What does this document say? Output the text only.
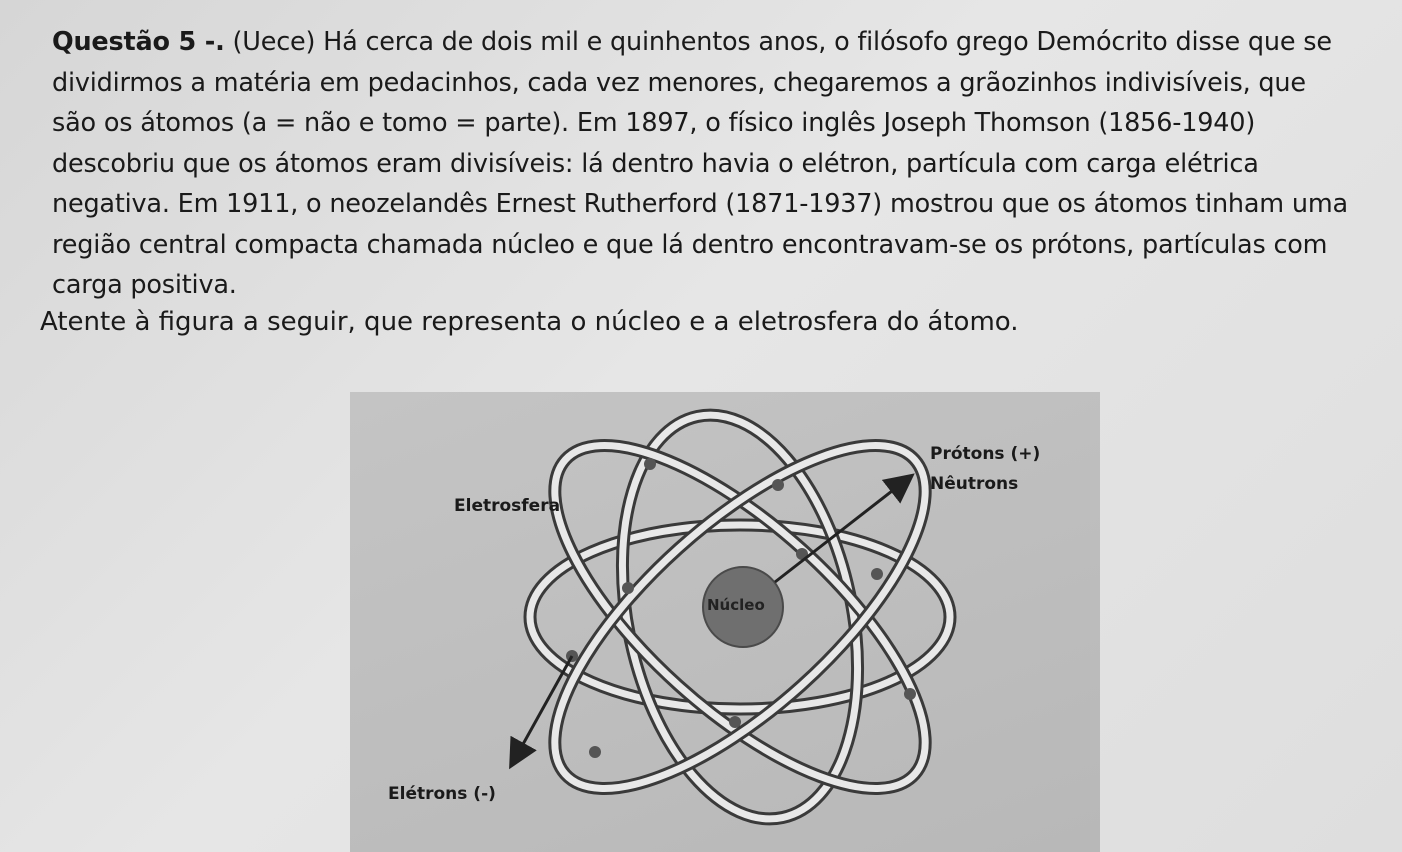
Questão 5 -. (Uece) Há cerca de dois mil e quinhentos anos, o filósofo grego Demócrito disse que se dividirmos a matéria em pedacinhos, cada vez menores, chegaremos a grãozinhos indivisíveis, que são os átomos (a = não e tomo = parte). Em 1897, o físico inglês Joseph Thomson (1856-1940) descobriu que os átomos eram divisíveis: lá dentro havia o elétron, partícula com carga elétrica negativa. Em 1911, o neozelandês Ernest Rutherford (1871-1937) mostrou que os átomos tinham uma região central compacta chamada núcleo e que lá dentro encontravam-se os prótons, partículas com carga positiva.
Atente à figura a seguir, que representa o núcleo e a eletrosfera do átomo.
Prótons (+)
Nêutrons
Eletrosfera
Núcleo
Elétrons (-)
